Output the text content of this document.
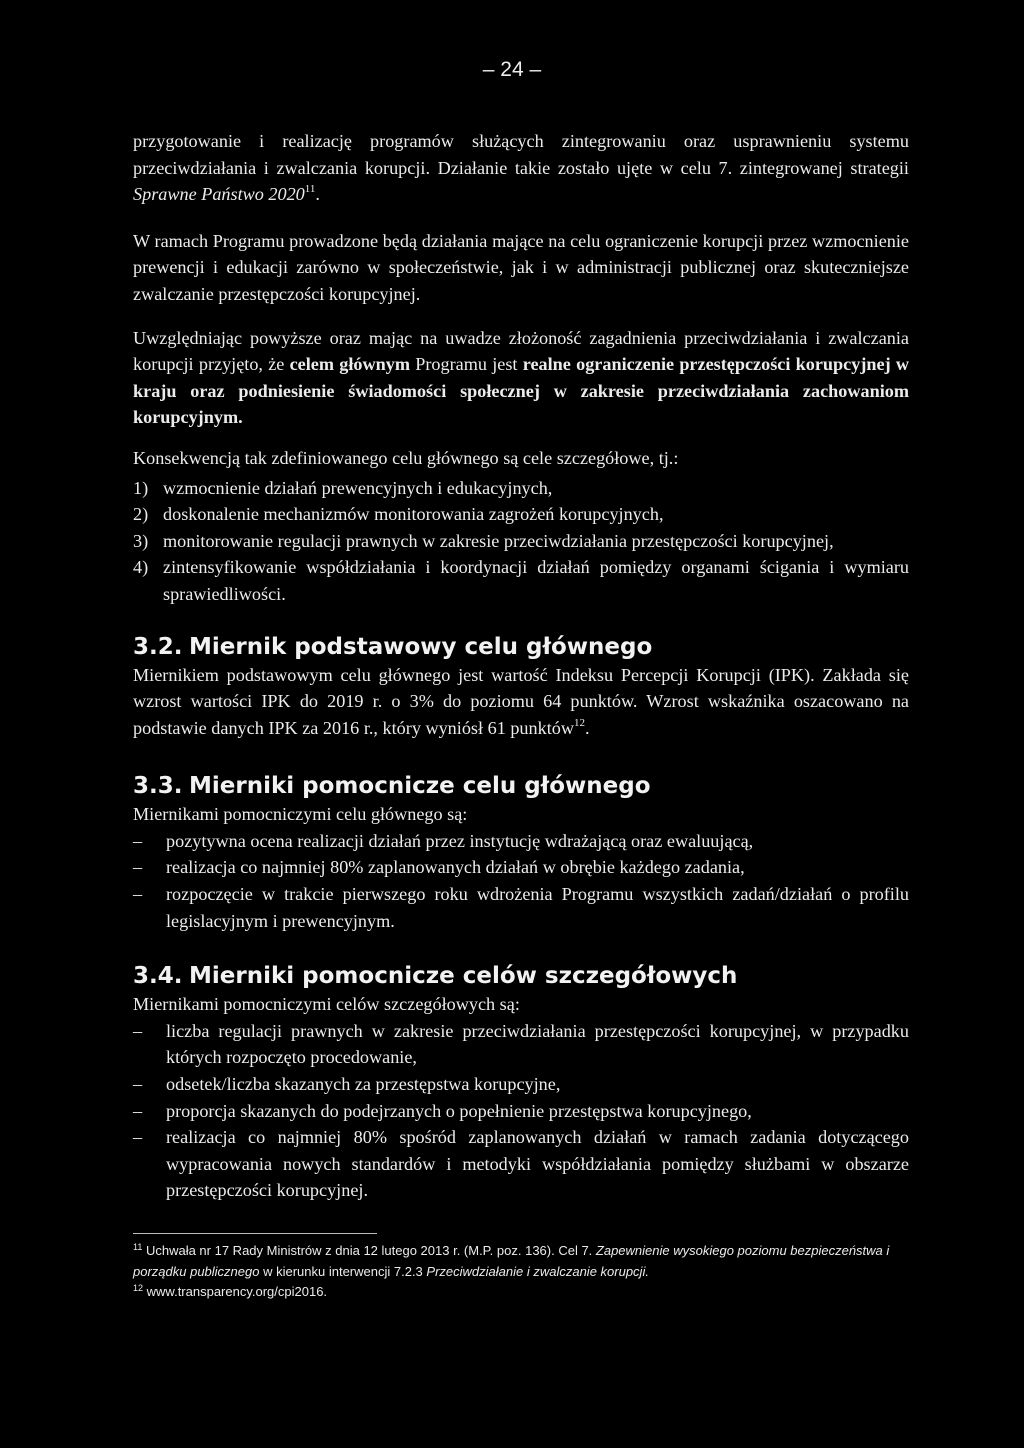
– 24 –

przygotowanie i realizację programów służących zintegrowaniu oraz usprawnieniu systemu przeciwdziałania i zwalczania korupcji. Działanie takie zostało ujęte w celu 7. zintegrowanej strategii Sprawne Państwo 2020$^{11}$.

W ramach Programu prowadzone będą działania mające na celu ograniczenie korupcji przez wzmocnienie prewencji i edukacji zarówno w społeczeństwie, jak i w administracji publicznej oraz skuteczniejsze zwalczanie przestępczości korupcyjnej.

Uwzględniając powyższe oraz mając na uwadze złożoność zagadnienia przeciwdziałania i zwalczania korupcji przyjęto, że celem głównym Programu jest realne ograniczenie przestępczości korupcyjnej w kraju oraz podniesienie świadomości społecznej w zakresie przeciwdziałania zachowaniom korupcyjnym.

Konsekwencją tak zdefiniowanego celu głównego są cele szczegółowe, tj.:

1) wzmocnienie działań prewencyjnych i edukacyjnych,
2) doskonalenie mechanizmów monitorowania zagrożeń korupcyjnych,
3) monitorowanie regulacji prawnych w zakresie przeciwdziałania przestępczości korupcyjnej,
4) zintensyfikowanie współdziałania i koordynacji działań pomiędzy organami ścigania i wymiaru sprawiedliwości.
3.2. Miernik podstawowy celu głównego

Miernikiem podstawowym celu głównego jest wartość Indeksu Percepcji Korupcji (IPK). Zakłada się wzrost wartości IPK do 2019 r. o 3% do poziomu 64 punktów. Wzrost wskaźnika oszacowano na podstawie danych IPK za 2016 r., który wyniósł 61 punktów$^{12}$.

3.3. Mierniki pomocnicze celu głównego

Miernikami pomocniczymi celu głównego są:

– pozytywna ocena realizacji działań przez instytucję wdrażającą oraz ewaluującą,
– realizacja co najmniej 80% zaplanowanych działań w obrębie każdego zadania,
– rozpoczęcie w trakcie pierwszego roku wdrożenia Programu wszystkich zadań/działań o profilu legislacyjnym i prewencyjnym.
3.4. Mierniki pomocnicze celów szczegółowych

Miernikami pomocniczymi celów szczegółowych są:

– liczba regulacji prawnych w zakresie przeciwdziałania przestępczości korupcyjnej, w przypadku których rozpoczęto procedowanie,
– odsetek/liczba skazanych za przestępstwa korupcyjne,
– proporcja skazanych do podejrzanych o popełnienie przestępstwa korupcyjnego,
– realizacja co najmniej 80% spośród zaplanowanych działań w ramach zadania dotyczącego wypracowania nowych standardów i metodyki współdziałania pomiędzy służbami w obszarze przestępczości korupcyjnej.

$^{11}$ Uchwała nr 17 Rady Ministrów z dnia 12 lutego 2013 r. (M.P. poz. 136). Cel 7. Zapewnienie wysokiego poziomu bezpieczeństwa i porządku publicznego w kierunku interwencji 7.2.3 Przeciwdziałanie i zwalczanie korupcji.

$^{12}$ www.transparency.org/cpi2016.
